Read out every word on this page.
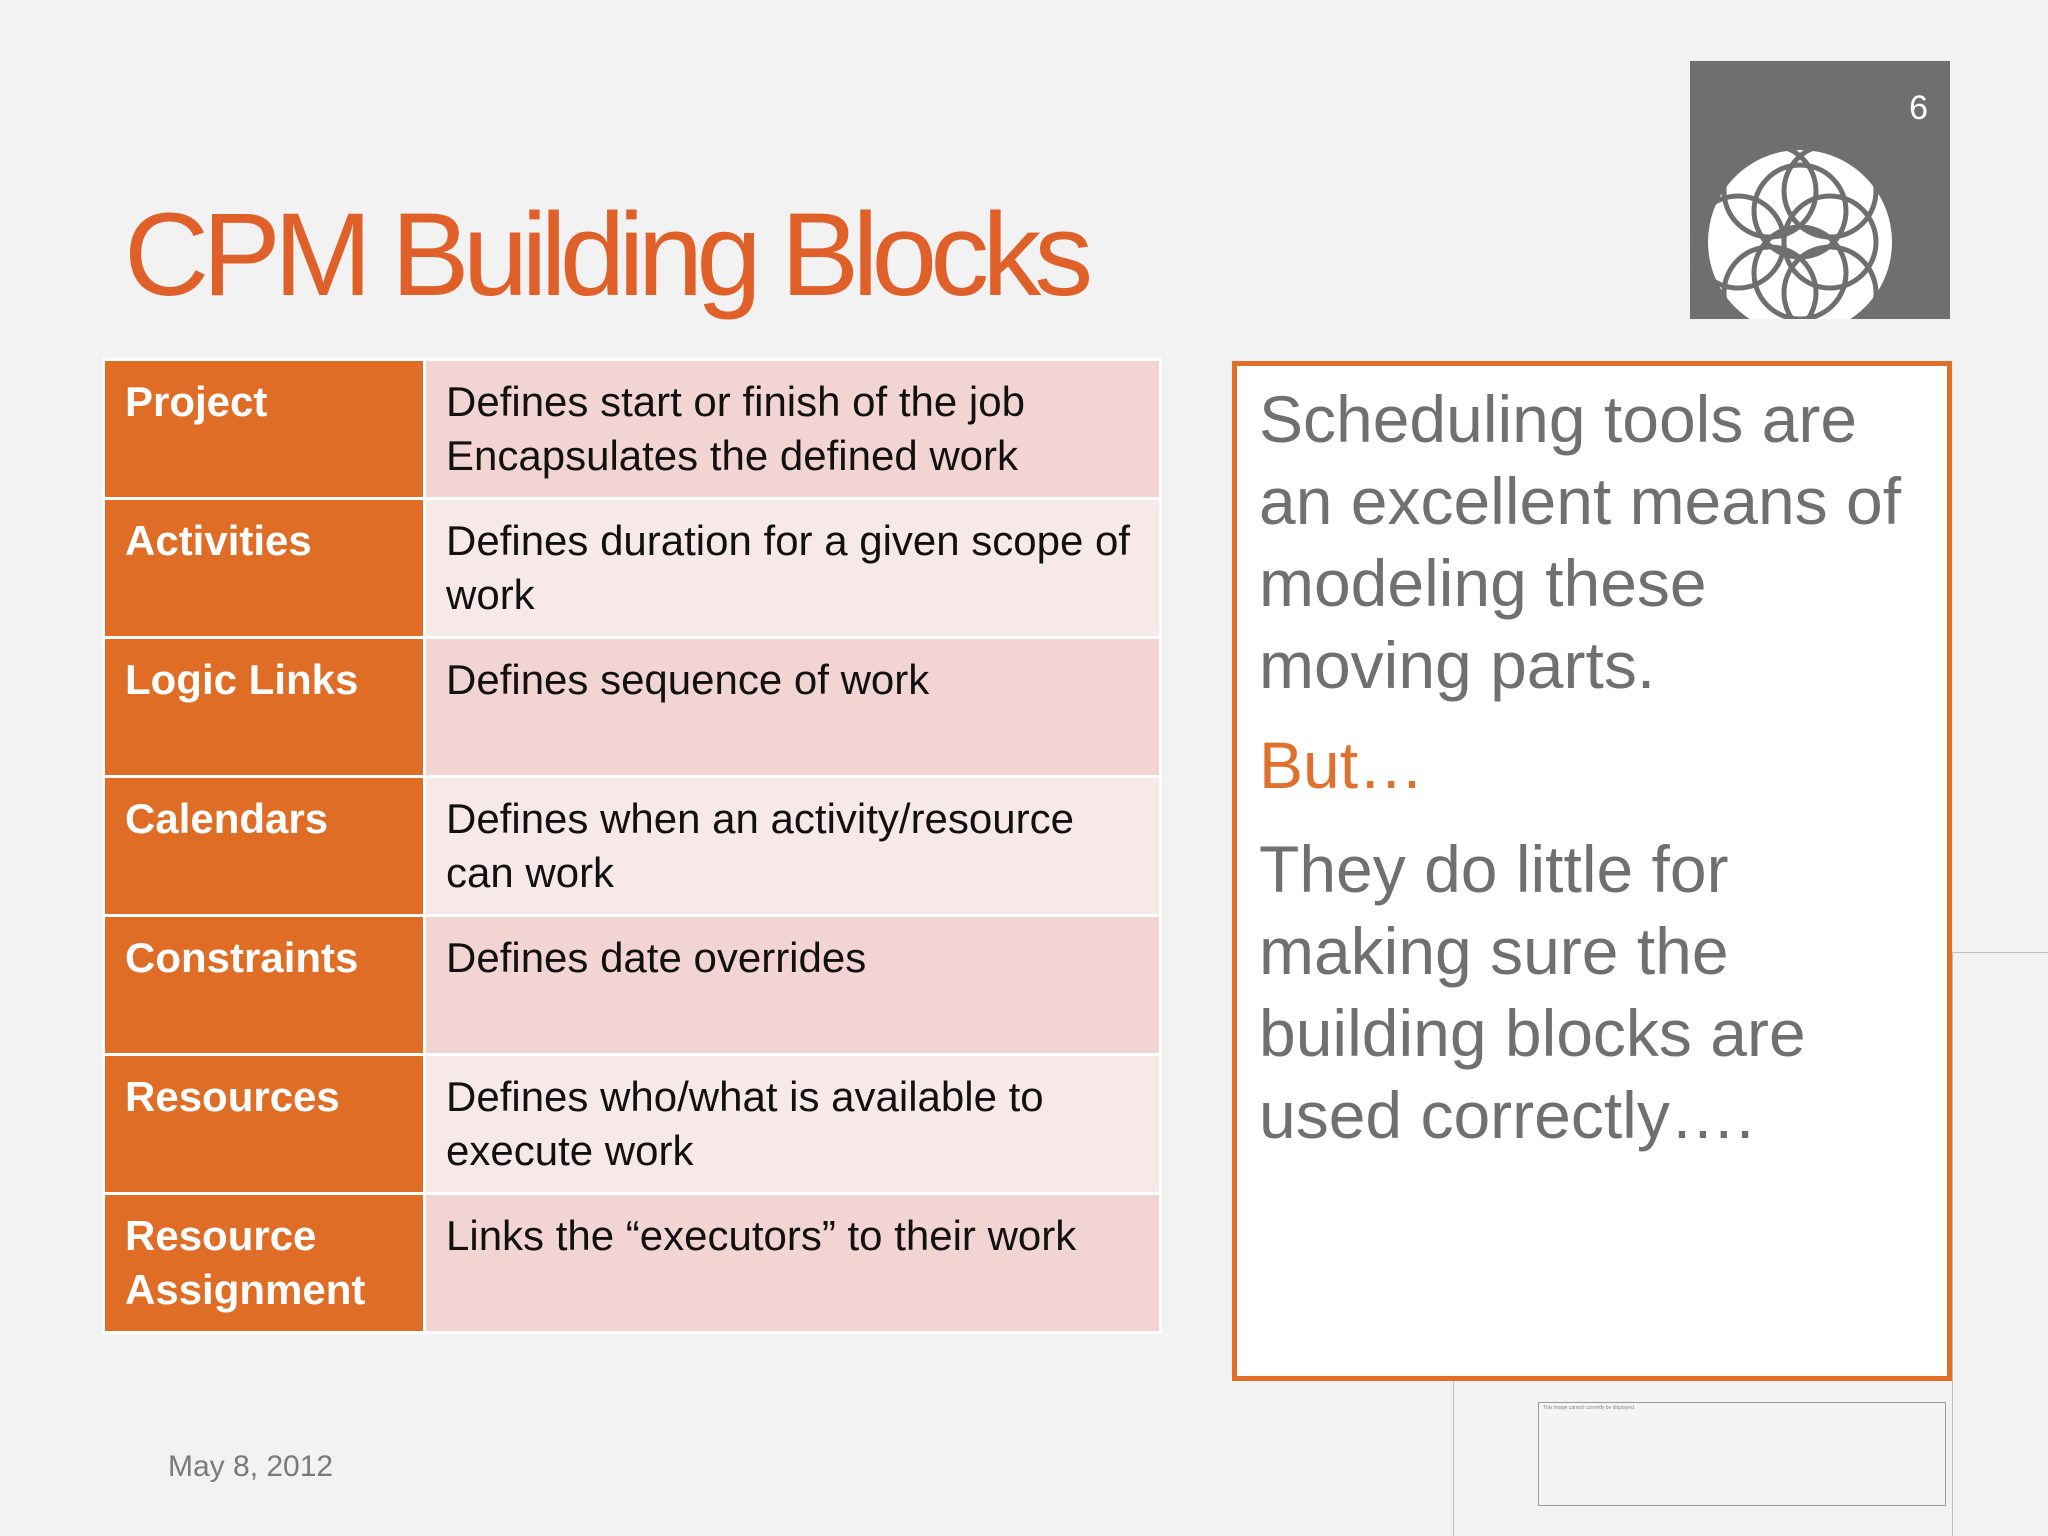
CPM Building Blocks
6
Project	Defines start or finish of the job
Encapsulates the defined work

Activities	Defines duration for a given scope of work

Logic Links	Defines sequence of work

Calendars	Defines when an activity/resource can work

Constraints	Defines date overrides

Resources	Defines who/what is available to execute work

Resource Assignment	Links the “executors” to their work

Scheduling tools are an excellent means of modeling these moving parts.

But…

They do little for making sure the building blocks are used correctly….

This image cannot currently be displayed.
May 8, 2012
